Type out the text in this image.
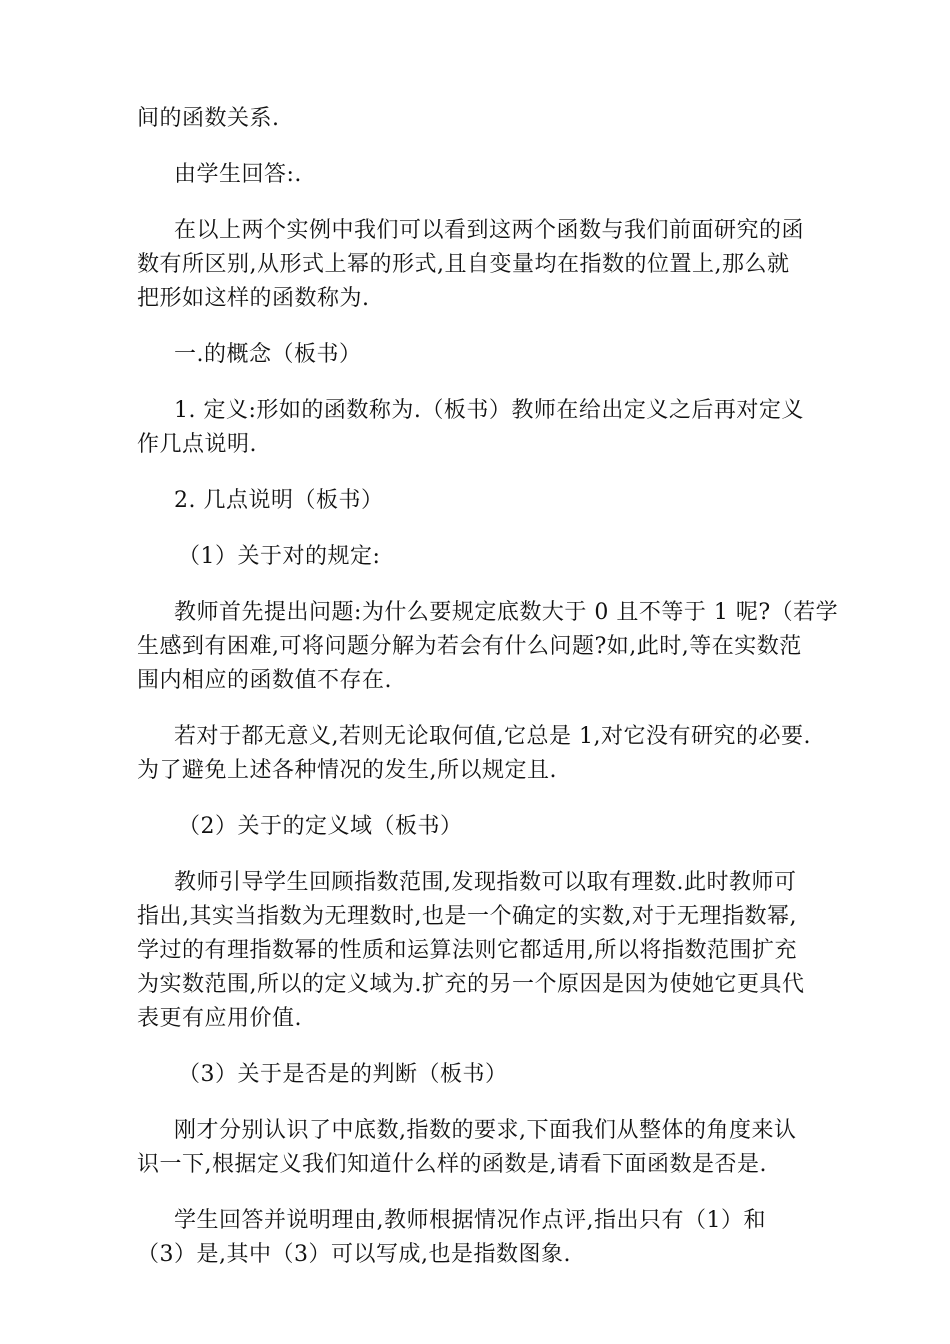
间的函数关系.

由学生回答:.

在以上两个实例中我们可以看到这两个函数与我们前面研究的函
数有所区别,从形式上幂的形式,且自变量均在指数的位置上,那么就
把形如这样的函数称为.

一.的概念（板书）

1. 定义:形如的函数称为.（板书）教师在给出定义之后再对定义
作几点说明.

2. 几点说明（板书）

（1）关于对的规定:

教师首先提出问题:为什么要规定底数大于 0 且不等于 1 呢?（若学
生感到有困难,可将问题分解为若会有什么问题?如,此时,等在实数范
围内相应的函数值不存在.

若对于都无意义,若则无论取何值,它总是 1,对它没有研究的必要.
为了避免上述各种情况的发生,所以规定且.

（2）关于的定义域（板书）

教师引导学生回顾指数范围,发现指数可以取有理数.此时教师可
指出,其实当指数为无理数时,也是一个确定的实数,对于无理指数幂,
学过的有理指数幂的性质和运算法则它都适用,所以将指数范围扩充
为实数范围,所以的定义域为.扩充的另一个原因是因为使她它更具代
表更有应用价值.

（3）关于是否是的判断（板书）

刚才分别认识了中底数,指数的要求,下面我们从整体的角度来认
识一下,根据定义我们知道什么样的函数是,请看下面函数是否是.

学生回答并说明理由,教师根据情况作点评,指出只有（1）和
（3）是,其中（3）可以写成,也是指数图象.
